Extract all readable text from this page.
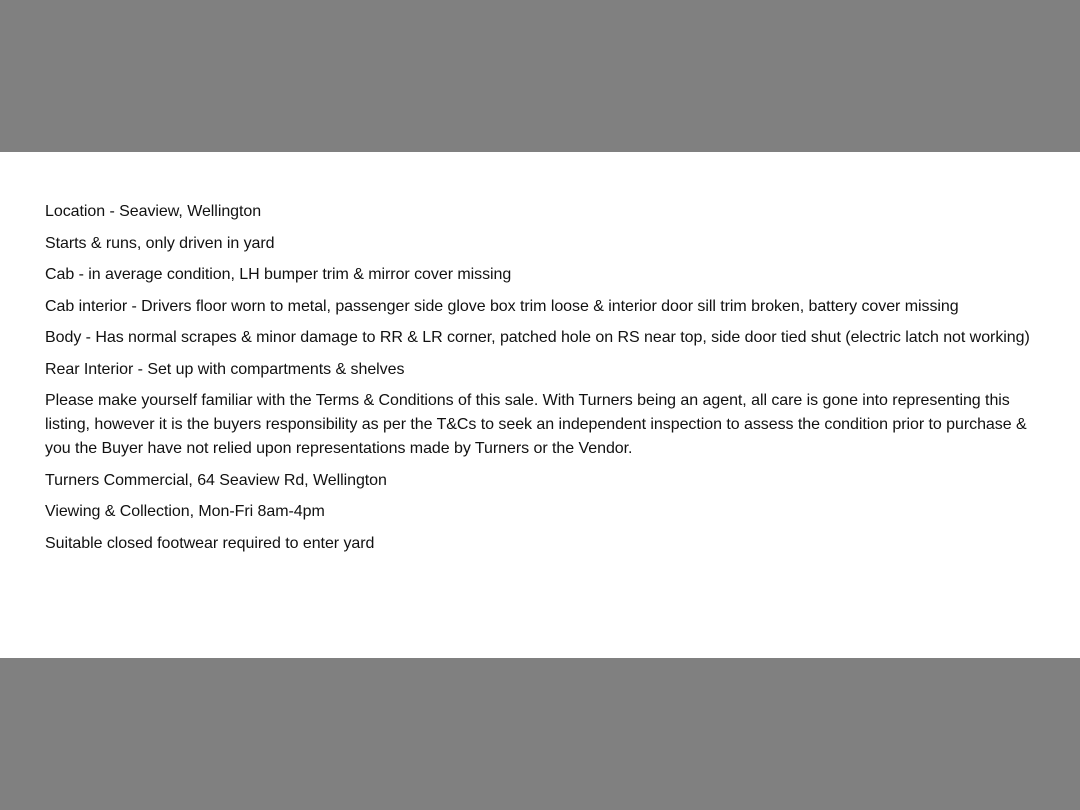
Location - Seaview, Wellington

Starts & runs, only driven in yard

Cab - in average condition, LH bumper trim & mirror cover missing

Cab interior - Drivers floor worn to metal, passenger side glove box trim loose & interior door sill trim broken, battery cover missing

Body - Has normal scrapes & minor damage to RR & LR corner, patched hole on RS near top, side door tied shut (electric latch not working)

Rear Interior - Set up with compartments & shelves

Please make yourself familiar with the Terms & Conditions of this sale. With Turners being an agent, all care is gone into representing this listing, however it is the buyers responsibility as per the T&Cs to seek an independent inspection to assess the condition prior to purchase & you the Buyer have not relied upon representations made by Turners or the Vendor.

Turners Commercial, 64 Seaview Rd, Wellington

Viewing & Collection, Mon-Fri 8am-4pm

Suitable closed footwear required to enter yard
